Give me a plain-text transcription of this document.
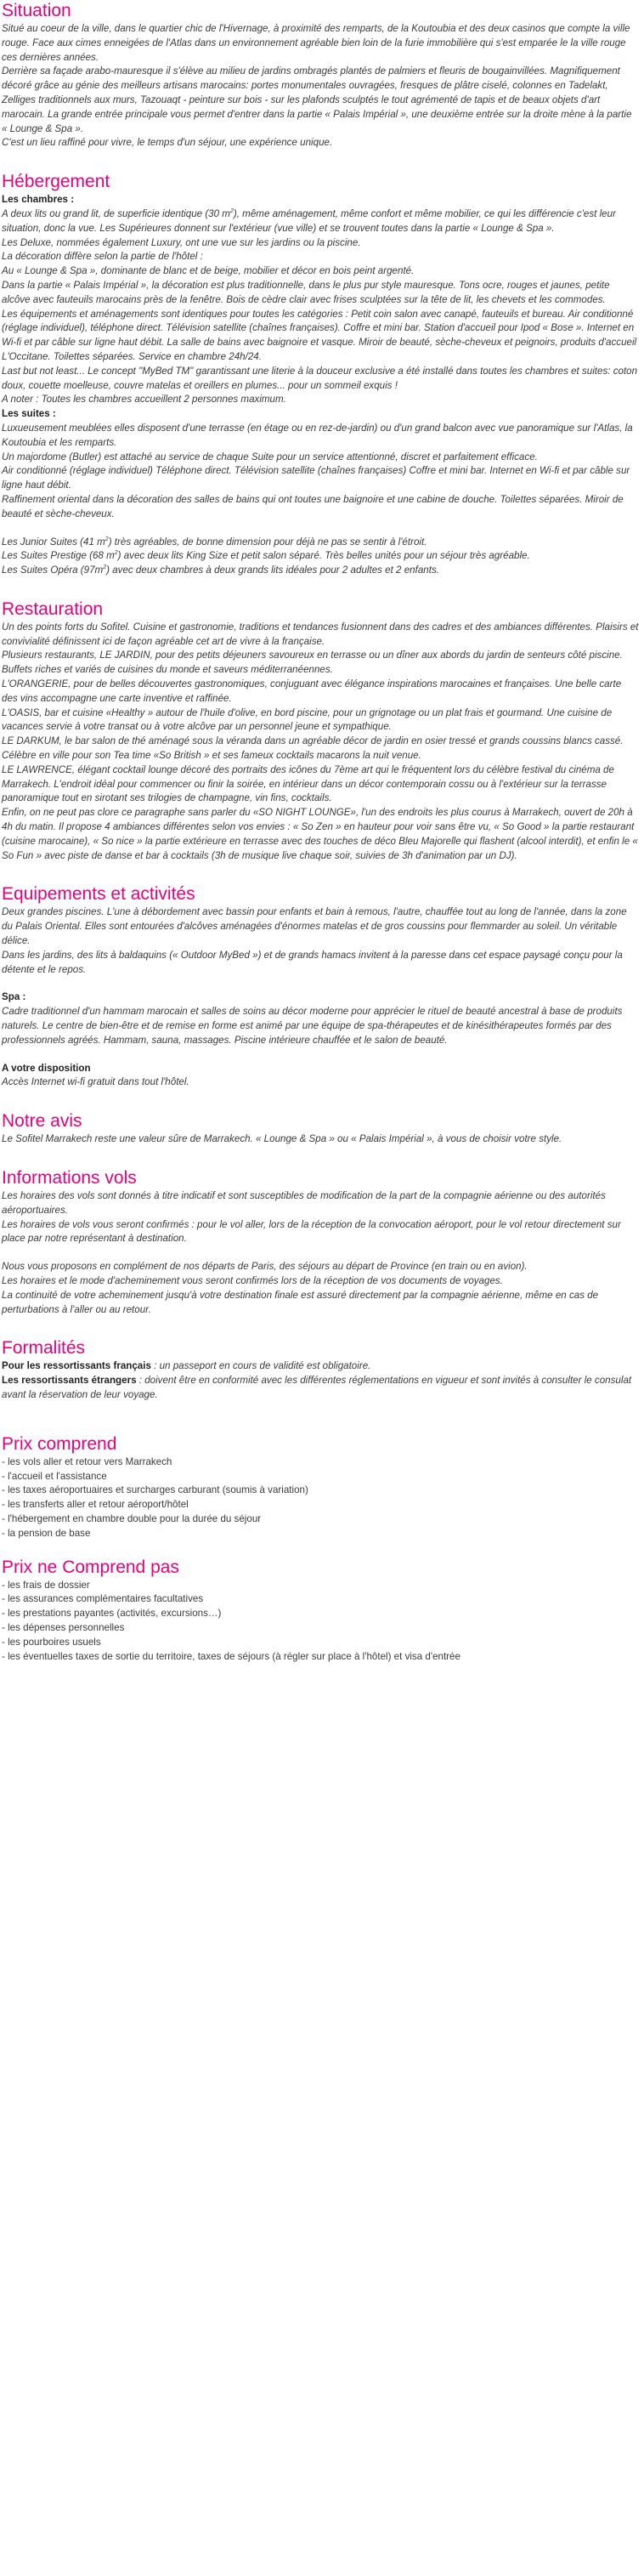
Situation

Situé au coeur de la ville, dans le quartier chic de l'Hivernage, à proximité des remparts, de la Koutoubia et des deux casinos que compte la ville rouge. Face aux cimes enneigées de l'Atlas dans un environnement agréable bien loin de la furie immobilière qui s'est emparée le la ville rouge ces dernières années.

Derrière sa façade arabo-mauresque il s'élève au milieu de jardins ombragés plantés de palmiers et fleuris de bougainvillées. Magnifiquement décoré grâce au génie des meilleurs artisans marocains: portes monumentales ouvragées, fresques de plâtre ciselé, colonnes en Tadelakt, Zelliges traditionnels aux murs, Tazouaqt - peinture sur bois - sur les plafonds sculptés le tout agrémenté de tapis et de beaux objets d'art marocain. La grande entrée principale vous permet d'entrer dans la partie « Palais Impérial », une deuxième entrée sur la droite mène à la partie « Lounge & Spa ».

C'est un lieu raffiné pour vivre, le temps d'un séjour, une expérience unique.

Hébergement

Les chambres :

A deux lits ou grand lit, de superficie identique (30 $m^2$), même aménagement, même confort et même mobilier, ce qui les différencie c'est leur situation, donc la vue. Les Supérieures donnent sur l'extérieur (vue ville) et se trouvent toutes dans la partie « Lounge & Spa ».

Les Deluxe, nommées également Luxury, ont une vue sur les jardins ou la piscine.

La décoration diffère selon la partie de l'hôtel :

Au « Lounge & Spa », dominante de blanc et de beige, mobilier et décor en bois peint argenté.

Dans la partie « Palais Impérial », la décoration est plus traditionnelle, dans le plus pur style mauresque. Tons ocre, rouges et jaunes, petite alcôve avec fauteuils marocains près de la fenêtre. Bois de cèdre clair avec frises sculptées sur la tête de lit, les chevets et les commodes.

Les équipements et aménagements sont identiques pour toutes les catégories : Petit coin salon avec canapé, fauteuils et bureau. Air conditionné (réglage individuel), téléphone direct. Télévision satellite (chaînes françaises). Coffre et mini bar. Station d'accueil pour Ipod « Bose ». Internet en Wi-fi et par câble sur ligne haut débit. La salle de bains avec baignoire et vasque. Miroir de beauté, sèche-cheveux et peignoirs, produits d'accueil L'Occitane. Toilettes séparées. Service en chambre 24h/24.

Last but not least... Le concept "MyBed TM" garantissant une literie à la douceur exclusive a été installé dans toutes les chambres et suites: coton doux, couette moelleuse, couvre matelas et oreillers en plumes... pour un sommeil exquis !

A noter : Toutes les chambres accueillent 2 personnes maximum.

Les suites :

Luxueusement meublées elles disposent d'une terrasse (en étage ou en rez-de-jardin) ou d'un grand balcon avec vue panoramique sur l'Atlas, la Koutoubia et les remparts.

Un majordome (Butler) est attaché au service de chaque Suite pour un service attentionné, discret et parfaitement efficace.

Air conditionné (réglage individuel) Téléphone direct. Télévision satellite (chaînes françaises) Coffre et mini bar. Internet en Wi-fi et par câble sur ligne haut débit.

Raffinement oriental dans la décoration des salles de bains qui ont toutes une baignoire et une cabine de douche. Toilettes séparées. Miroir de beauté et sèche-cheveux.

Les Junior Suites (41 $m^2$) très agréables, de bonne dimension pour déjà ne pas se sentir à l'étroit.

Les Suites Prestige (68 $m^2$) avec deux lits King Size et petit salon séparé. Très belles unités pour un séjour très agréable.

Les Suites Opéra $(97m^2)$ avec deux chambres à deux grands lits idéales pour 2 adultes et 2 enfants.

Restauration

Un des points forts du Sofitel. Cuisine et gastronomie, traditions et tendances fusionnent dans des cadres et des ambiances différentes. Plaisirs et convivialité définissent ici de façon agréable cet art de vivre à la française.

Plusieurs restaurants, LE JARDIN, pour des petits déjeuners savoureux en terrasse ou un dîner aux abords du jardin de senteurs côté piscine. Buffets riches et variés de cuisines du monde et saveurs méditerranéennes.

L'ORANGERIE, pour de belles découvertes gastronomiques, conjuguant avec élégance inspirations marocaines et françaises. Une belle carte des vins accompagne une carte inventive et raffinée.

L'OASIS, bar et cuisine «Healthy » autour de l'huile d'olive, en bord piscine, pour un grignotage ou un plat frais et gourmand. Une cuisine de vacances servie à votre transat ou à votre alcôve par un personnel jeune et sympathique.

LE DARKUM, le bar salon de thé aménagé sous la véranda dans un agréable décor de jardin en osier tressé et grands coussins blancs cassé.

Célèbre en ville pour son Tea time «So British » et ses fameux cocktails macarons la nuit venue.

LE LAWRENCE, élégant cocktail lounge décoré des portraits des icônes du 7ème art qui le fréquentent lors du célèbre festival du cinéma de Marrakech. L'endroit idéal pour commencer ou finir la soirée, en intérieur dans un décor contemporain cossu ou à l'extérieur sur la terrasse panoramique tout en sirotant ses trilogies de champagne, vin fins, cocktails.

Enfin, on ne peut pas clore ce paragraphe sans parler du «SO NIGHT LOUNGE», l'un des endroits les plus courus à Marrakech, ouvert de 20h à 4h du matin. Il propose 4 ambiances différentes selon vos envies : « So Zen » en hauteur pour voir sans être vu, « So Good » la partie restaurant (cuisine marocaine), « So nice » la partie extérieure en terrasse avec des touches de déco Bleu Majorelle qui flashent (alcool interdit), et enfin le « So Fun » avec piste de danse et bar à cocktails (3h de musique live chaque soir, suivies de 3h d'animation par un DJ).

Equipements et activités

Deux grandes piscines. L'une à débordement avec bassin pour enfants et bain à remous, l'autre, chauffée tout au long de l'année, dans la zone du Palais Oriental. Elles sont entourées d'alcôves aménagées d'énormes matelas et de gros coussins pour flemmarder au soleil. Un véritable délice.

Dans les jardins, des lits à baldaquins (« Outdoor MyBed ») et de grands hamacs invitent à la paresse dans cet espace paysagé conçu pour la détente et le repos.

Spa :

Cadre traditionnel d'un hammam marocain et salles de soins au décor moderne pour apprécier le rituel de beauté ancestral à base de produits naturels. Le centre de bien-être et de remise en forme est animé par une équipe de spa-thérapeutes et de kinésithérapeutes formés par des professionnels agréés. Hammam, sauna, massages. Piscine intérieure chauffée et le salon de beauté.

A votre disposition

Accès Internet wi-fi gratuit dans tout l'hôtel.

Notre avis

Le Sofitel Marrakech reste une valeur sûre de Marrakech. « Lounge & Spa » ou « Palais Impérial », à vous de choisir votre style.

Informations vols

Les horaires des vols sont donnés à titre indicatif et sont susceptibles de modification de la part de la compagnie aérienne ou des autorités aéroportuaires.

Les horaires de vols vous seront confirmés : pour le vol aller, lors de la réception de la convocation aéroport, pour le vol retour directement sur place par notre représentant à destination.

Nous vous proposons en complément de nos départs de Paris, des séjours au départ de Province (en train ou en avion).

Les horaires et le mode d'acheminement vous seront confirmés lors de la réception de vos documents de voyages.

La continuité de votre acheminement jusqu'à votre destination finale est assuré directement par la compagnie aérienne, même en cas de perturbations à l'aller ou au retour.

Formalités

Pour les ressortissants français : un passeport en cours de validité est obligatoire.

Les ressortissants étrangers : doivent être en conformité avec les différentes réglementations en vigueur et sont invités à consulter le consulat avant la réservation de leur voyage.

Prix comprend

- les vols aller et retour vers Marrakech

- l'accueil et l'assistance

- les taxes aéroportuaires et surcharges carburant (soumis à variation)

- les transferts aller et retour aéroport/hôtel

- l'hébergement en chambre double pour la durée du séjour

- la pension de base

Prix ne Comprend pas

- les frais de dossier

- les assurances complémentaires facultatives

- les prestations payantes (activités, excursions…)

- les dépenses personnelles

- les pourboires usuels

- les éventuelles taxes de sortie du territoire, taxes de séjours (à régler sur place à l'hôtel) et visa d'entrée
